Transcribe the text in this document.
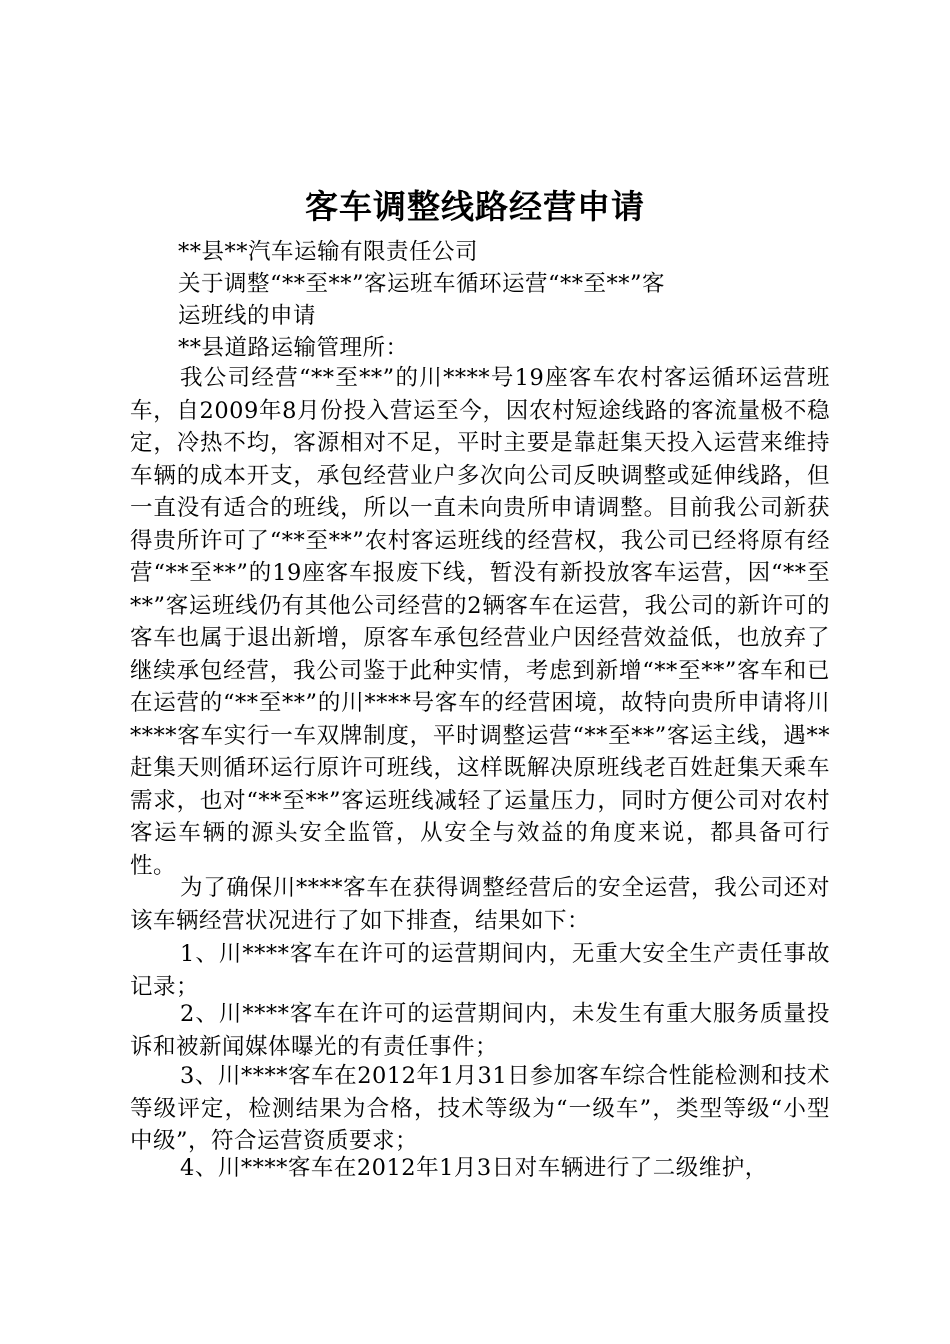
客车调整线路经营申请

**县**汽车运输有限责任公司

关于调整“**至**”客运班车循环运营“**至**”客

运班线的申请

**县道路运输管理所：

我公司经营“**至**”的川****号19座客车农村客运循环运营班车，自2009年8月份投入营运至今，因农村短途线路的客流量极不稳定，冷热不均，客源相对不足，平时主要是靠赶集天投入运营来维持车辆的成本开支，承包经营业户多次向公司反映调整或延伸线路，但一直没有适合的班线，所以一直未向贵所申请调整。目前我公司新获得贵所许可了“**至**”农村客运班线的经营权，我公司已经将原有经营“**至**”的19座客车报废下线，暂没有新投放客车运营，因“**至**”客运班线仍有其他公司经营的2辆客车在运营，我公司的新许可的客车也属于退出新增，原客车承包经营业户因经营效益低，也放弃了继续承包经营，我公司鉴于此种实情，考虑到新增“**至**”客车和已在运营的“**至**”的川****号客车的经营困境，故特向贵所申请将川****客车实行一车双牌制度，平时调整运营“**至**”客运主线，遇**赶集天则循环运行原许可班线，这样既解决原班线老百姓赶集天乘车需求，也对“**至**”客运班线减轻了运量压力，同时方便公司对农村客运车辆的源头安全监管，从安全与效益的角度来说，都具备可行性。

为了确保川****客车在获得调整经营后的安全运营，我公司还对该车辆经营状况进行了如下排查，结果如下：

1、川****客车在许可的运营期间内，无重大安全生产责任事故记录；

2、川****客车在许可的运营期间内，未发生有重大服务质量投诉和被新闻媒体曝光的有责任事件；

3、川****客车在2012年1月31日参加客车综合性能检测和技术等级评定，检测结果为合格，技术等级为“一级车”，类型等级“小型中级”，符合运营资质要求；

4、川****客车在2012年1月3日对车辆进行了二级维护，
